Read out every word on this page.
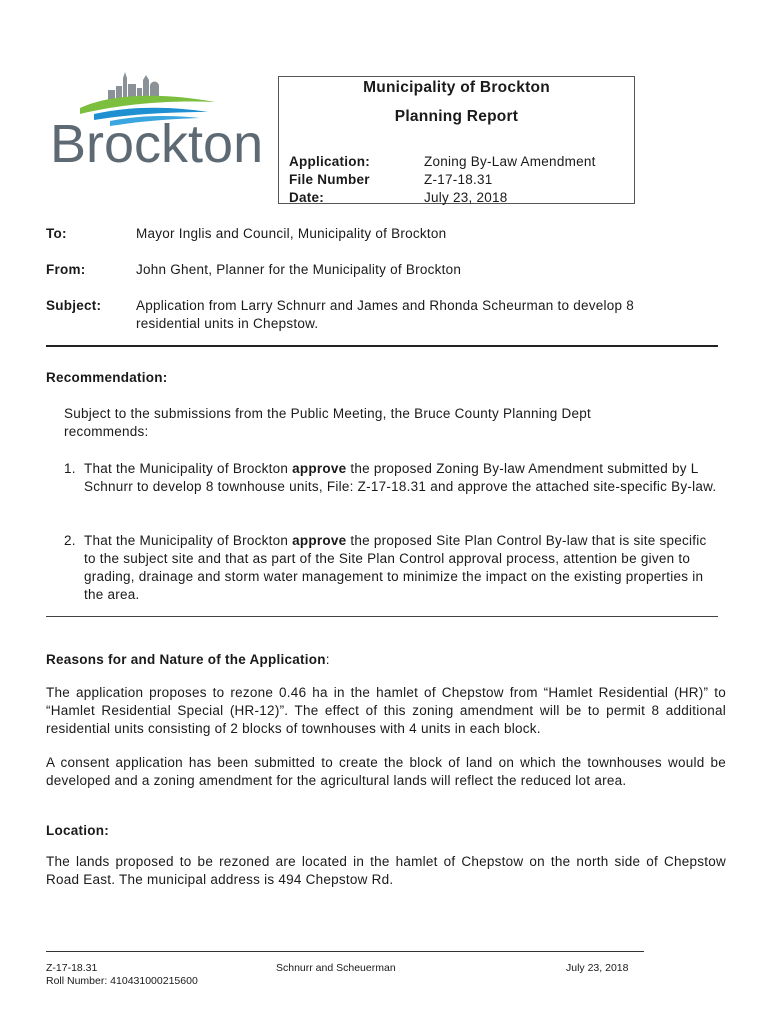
Brockton
Municipality of Brockton
Planning Report
Application:	Zoning By-Law Amendment
File Number	Z-17-18.31
Date:	July 23, 2018
To:	Mayor Inglis and Council, Municipality of Brockton
From:	John Ghent, Planner for the Municipality of Brockton
Subject:	Application from Larry Schnurr and James and Rhonda Scheurman to develop 8
residential units in Chepstow.
Recommendation:
Subject to the submissions from the Public Meeting, the Bruce County Planning Dept
recommends:
1. That the Municipality of Brockton approve the proposed Zoning By-law Amendment submitted by L Schnurr to develop 8 townhouse units, File: Z-17-18.31 and approve the attached site-specific By-law.
2. That the Municipality of Brockton approve the proposed Site Plan Control By-law that is site specific to the subject site and that as part of the Site Plan Control approval process, attention be given to grading, drainage and storm water management to minimize the impact on the existing properties in the area.
Reasons for and Nature of the Application:
The application proposes to rezone 0.46 ha in the hamlet of Chepstow from “Hamlet Residential (HR)” to “Hamlet Residential Special (HR-12)”. The effect of this zoning amendment will be to permit 8 additional residential units consisting of 2 blocks of townhouses with 4 units in each block.
A consent application has been submitted to create the block of land on which the townhouses would be developed and a zoning amendment for the agricultural lands will reflect the reduced lot area.
Location:
The lands proposed to be rezoned are located in the hamlet of Chepstow on the north side of Chepstow Road East. The municipal address is 494 Chepstow Rd.
Z-17-18.31
Roll Number: 410431000215600
Schnurr and Scheuerman	July 23, 2018
